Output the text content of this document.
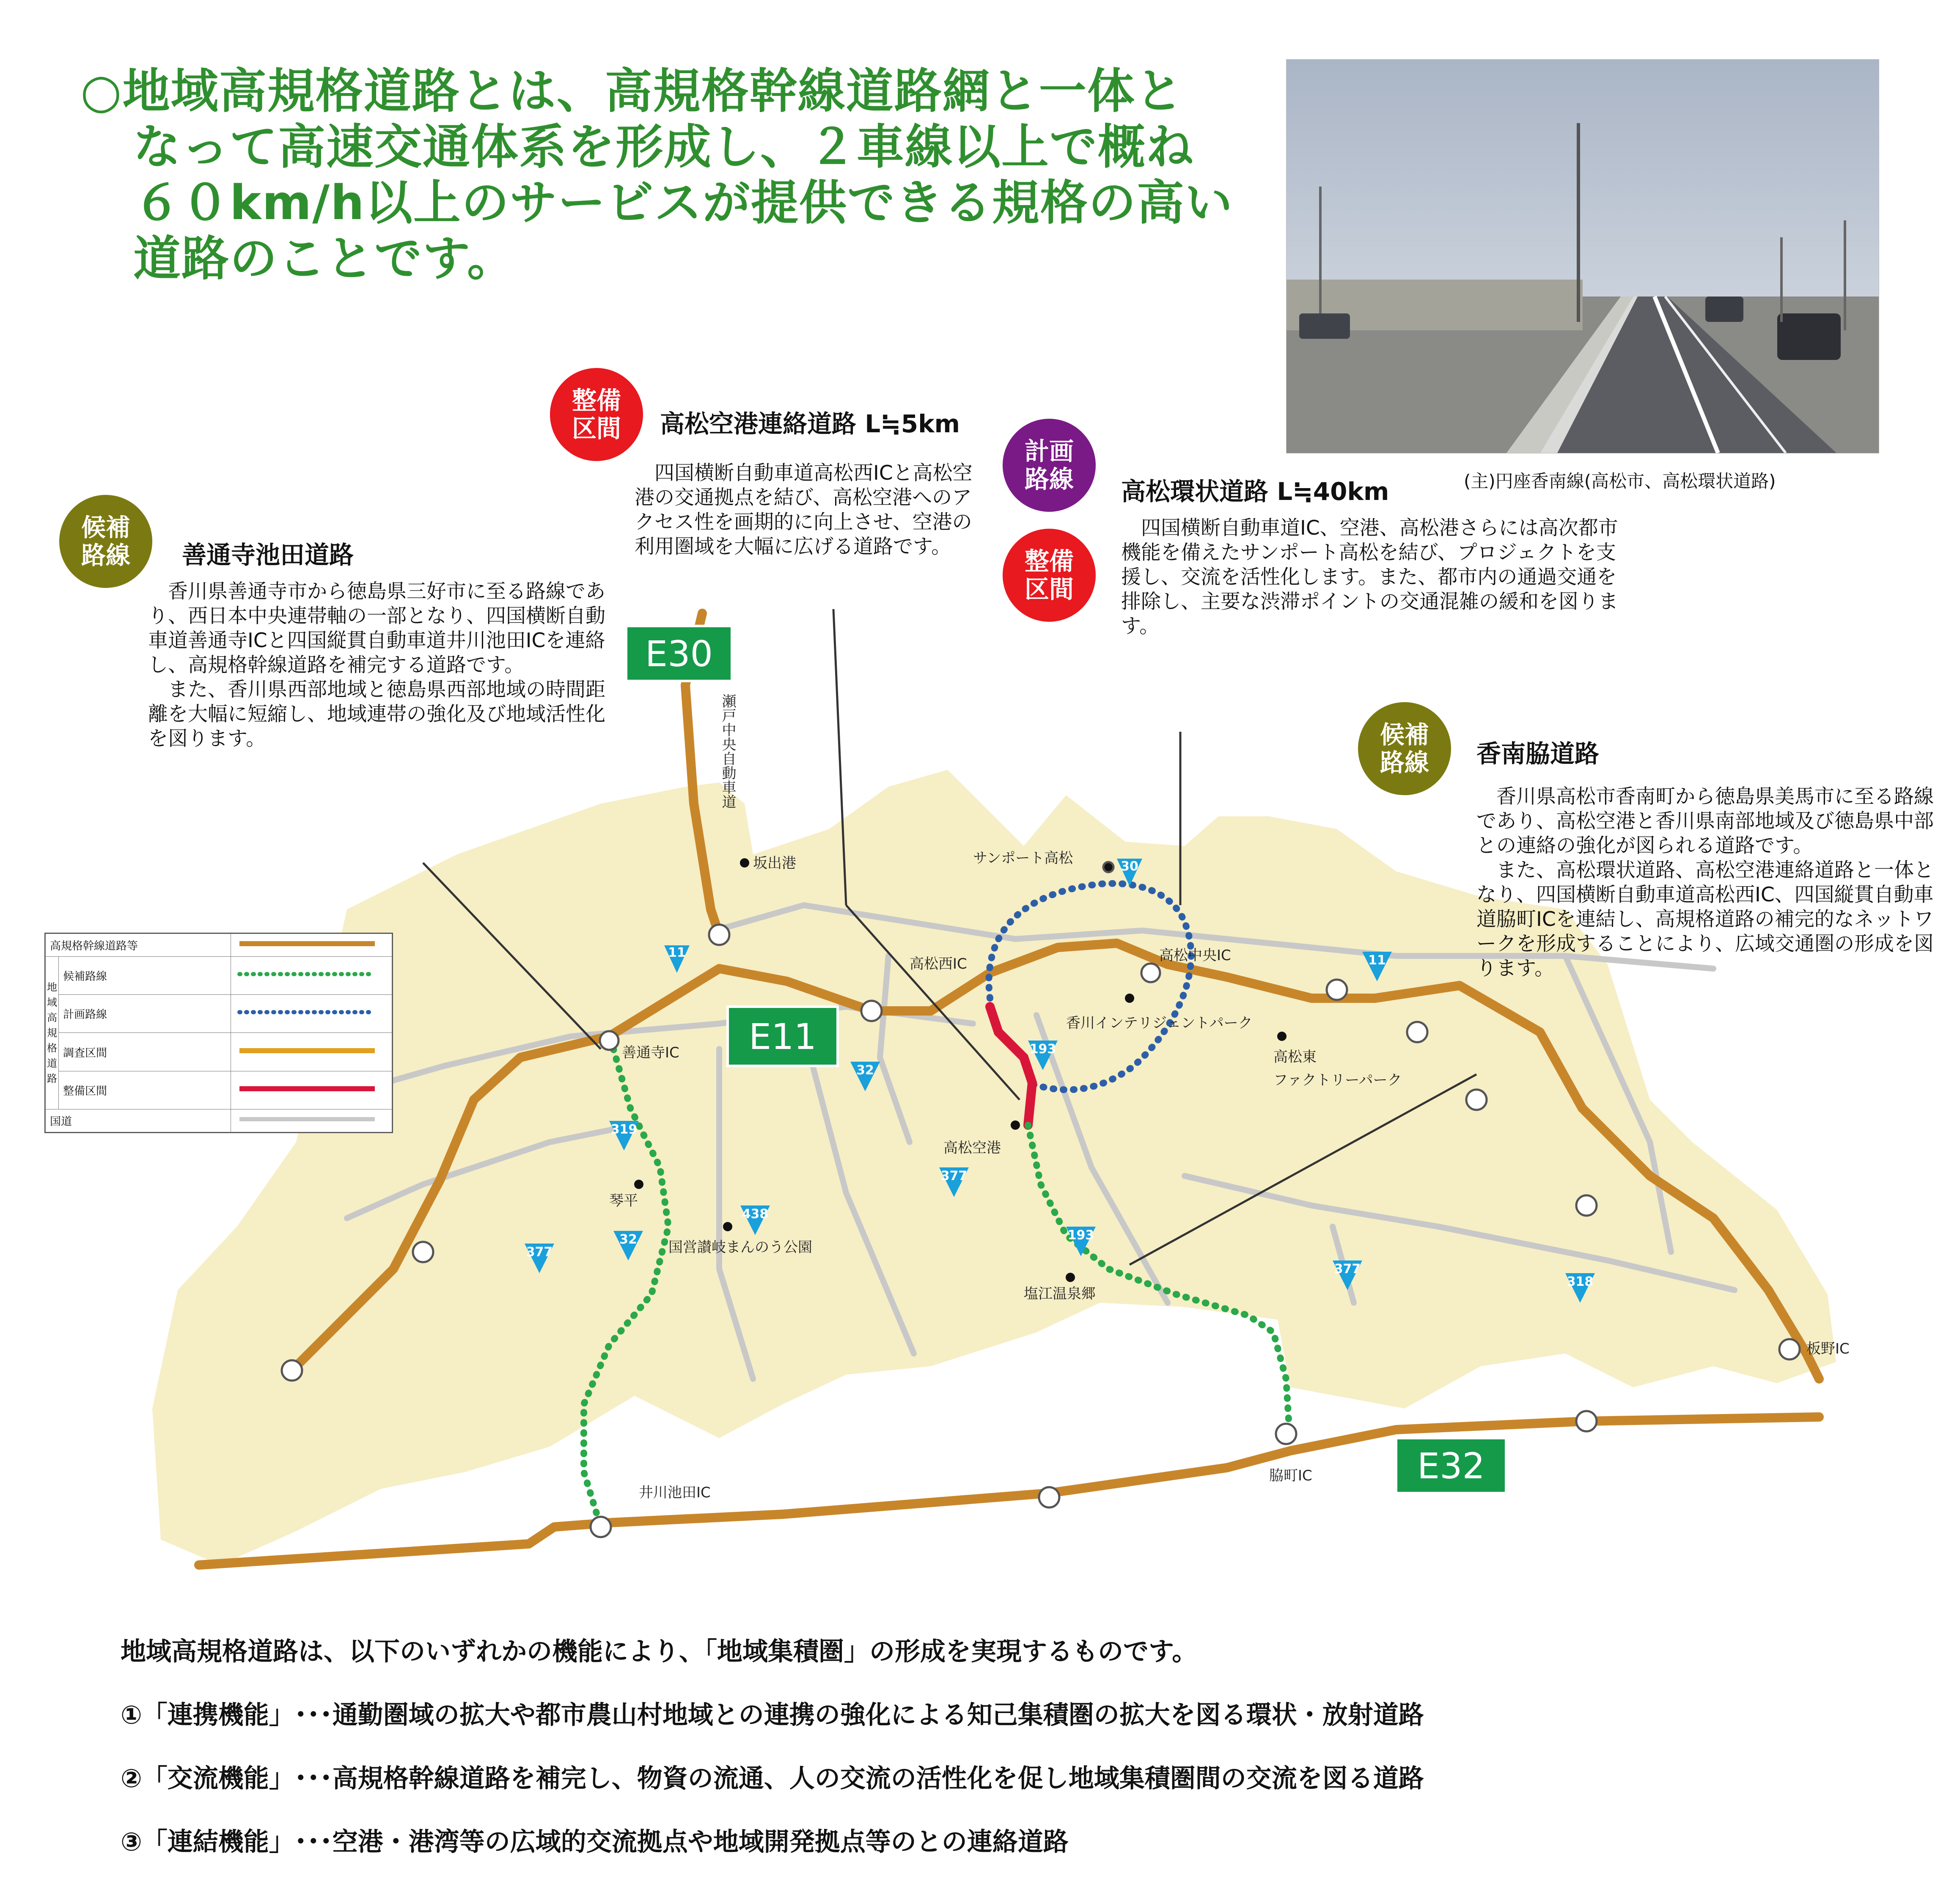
○地域高規格道路とは、高規格幹線道路網と一体と
なって高速交通体系を形成し、２車線以上で概ね
６０km/h以上のサービスが提供できる規格の高い
道路のことです。
(主)円座香南線(高松市、高松環状道路)
坂出港	サンポート高松
高松西IC	高松中央IC
香川インテリジェントパーク
高松東
ファクトリーパーク
善通寺IC
琴平
高松空港
国営讃岐まんのう公園
塩江温泉郷
板野IC
井川池田IC
脇町IC
瀬戸中央自動車道
11
11
30
32
193
319
32
377
438
193
377
377
318
E30
E11
E32
整備
区間 高松空港連絡道路 L≒5km

四国横断自動車道高松西ICと高松空港の交通拠点を結び、高松空港へのアクセス性を画期的に向上させ、空港の利用圏域を大幅に広げる道路です。

計画
路線
整備
区間
高松環状道路 L≒40km

四国横断自動車道IC、空港、高松港さらには高次都市機能を備えたサンポート高松を結び、プロジェクトを支援し、交流を活性化します。また、都市内の通過交通を排除し、主要な渋滞ポイントの交通混雑の緩和を図ります。

候補
路線 善通寺池田道路

香川県善通寺市から徳島県三好市に至る路線であり、西日本中央連帯軸の一部となり、四国横断自動車道善通寺ICと四国縦貫自動車道井川池田ICを連絡し、高規格幹線道路を補完する道路です。

また、香川県西部地域と徳島県西部地域の時間距離を大幅に短縮し、地域連帯の強化及び地域活性化を図ります。	候補
路線 香南脇道路

香川県高松市香南町から徳島県美馬市に至る路線であり、高松空港と香川県南部地域及び徳島県中部との連絡の強化が図られる道路です。

また、高松環状道路、高松空港連絡道路と一体となり、四国横断自動車道高松西IC、四国縦貫自動車道脇町ICを連結し、高規格道路の補完的なネットワークを形成することにより、広域交通圏の形成を図ります。

高規格幹線道路等	
地域高規格道路	候補路線	
	計画路線	
	調査区間	
	整備区間	
国道	
地域高規格道路は、以下のいずれかの機能により、「地域集積圏」の形成を実現するものです。
①「連携機能」･･･通勤圏域の拡大や都市農山村地域との連携の強化による知己集積圏の拡大を図る環状・放射道路
②「交流機能」･･･高規格幹線道路を補完し、物資の流通、人の交流の活性化を促し地域集積圏間の交流を図る道路
③「連結機能」･･･空港・港湾等の広域的交流拠点や地域開発拠点等のとの連絡道路
